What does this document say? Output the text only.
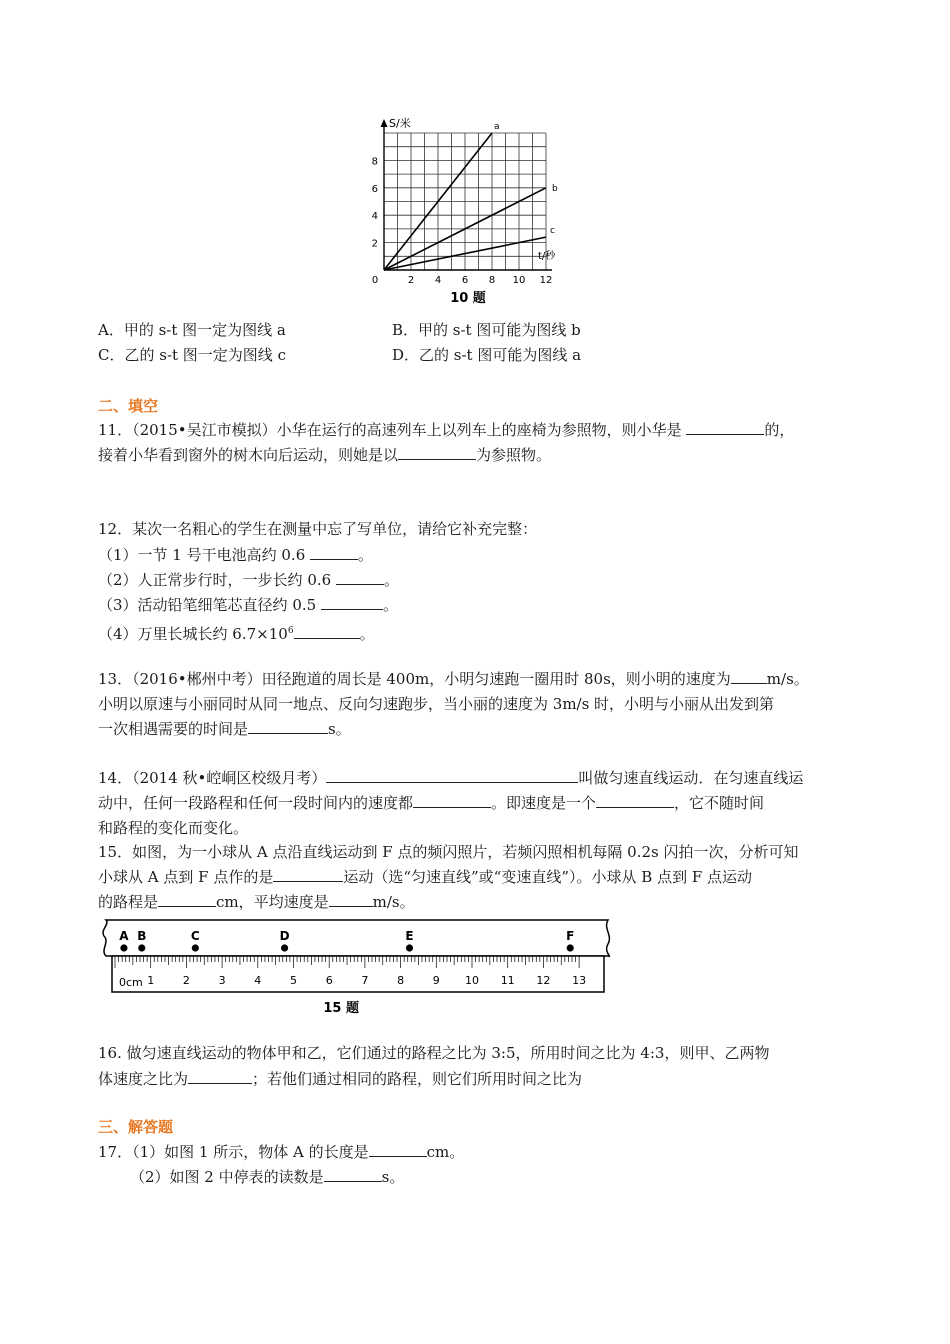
a
b
c
2
4
6
8
2 4 6 8 10 12
0
S/米
t/秒
10 题
A．甲的 s-t 图一定为图线 a	B．甲的 s-t 图可能为图线 b
C．乙的 s-t 图一定为图线 c	D．乙的 s-t 图可能为图线 a
二、填空
11．（2015•吴江市模拟）小华在运行的高速列车上以列车上的座椅为参照物，则小华是	的，
接着小华看到窗外的树木向后运动，则她是以	为参照物。
12．某次一名粗心的学生在测量中忘了写单位，请给它补充完整：
（1）一节 1 号干电池高约 0.6	。
（2）人正常步行时，一步长约 0.6	。
（3）活动铅笔细笔芯直径约 0.5	。
（4）万里长城长约 $6.7\times 10^6$	。
13．（2016•郴州中考）田径跑道的周长是 400m，小明匀速跑一圈用时 80s，则小明的速度为 m/s。
小明以原速与小丽同时从同一地点、反向匀速跑步，当小丽的速度为 3m/s 时，小明与小丽从出发到第
一次相遇需要的时间是	s。
14．（2014 秋•崆峒区校级月考）	叫做匀速直线运动．在匀速直线运
动中，任何一段路程和任何一段时间内的速度都	。即速度是一个	，它不随时间
和路程的变化而变化。
15．如图，为一小球从 A 点沿直线运动到 F 点的频闪照片，若频闪照相机每隔 0.2s 闪拍一次，分析可知
小球从 A 点到 F 点作的是	运动（选“匀速直线”或“变速直线”）。小球从 B 点到 F 点运动
的路程是	cm，平均速度是	m/s。
0cm 1	2	3	4	5	6	7	8	9 10 11 12 13
A B	C	D	E	F
15 题
16. 做匀速直线运动的物体甲和乙，它们通过的路程之比为 3:5，所用时间之比为 4:3，则甲、乙两物
体速度之比为	；若他们通过相同的路程，则它们所用时间之比为
三、解答题
17．（1）如图 1 所示，物体 A 的长度是	cm。
（2）如图 2 中停表的读数是	s。
